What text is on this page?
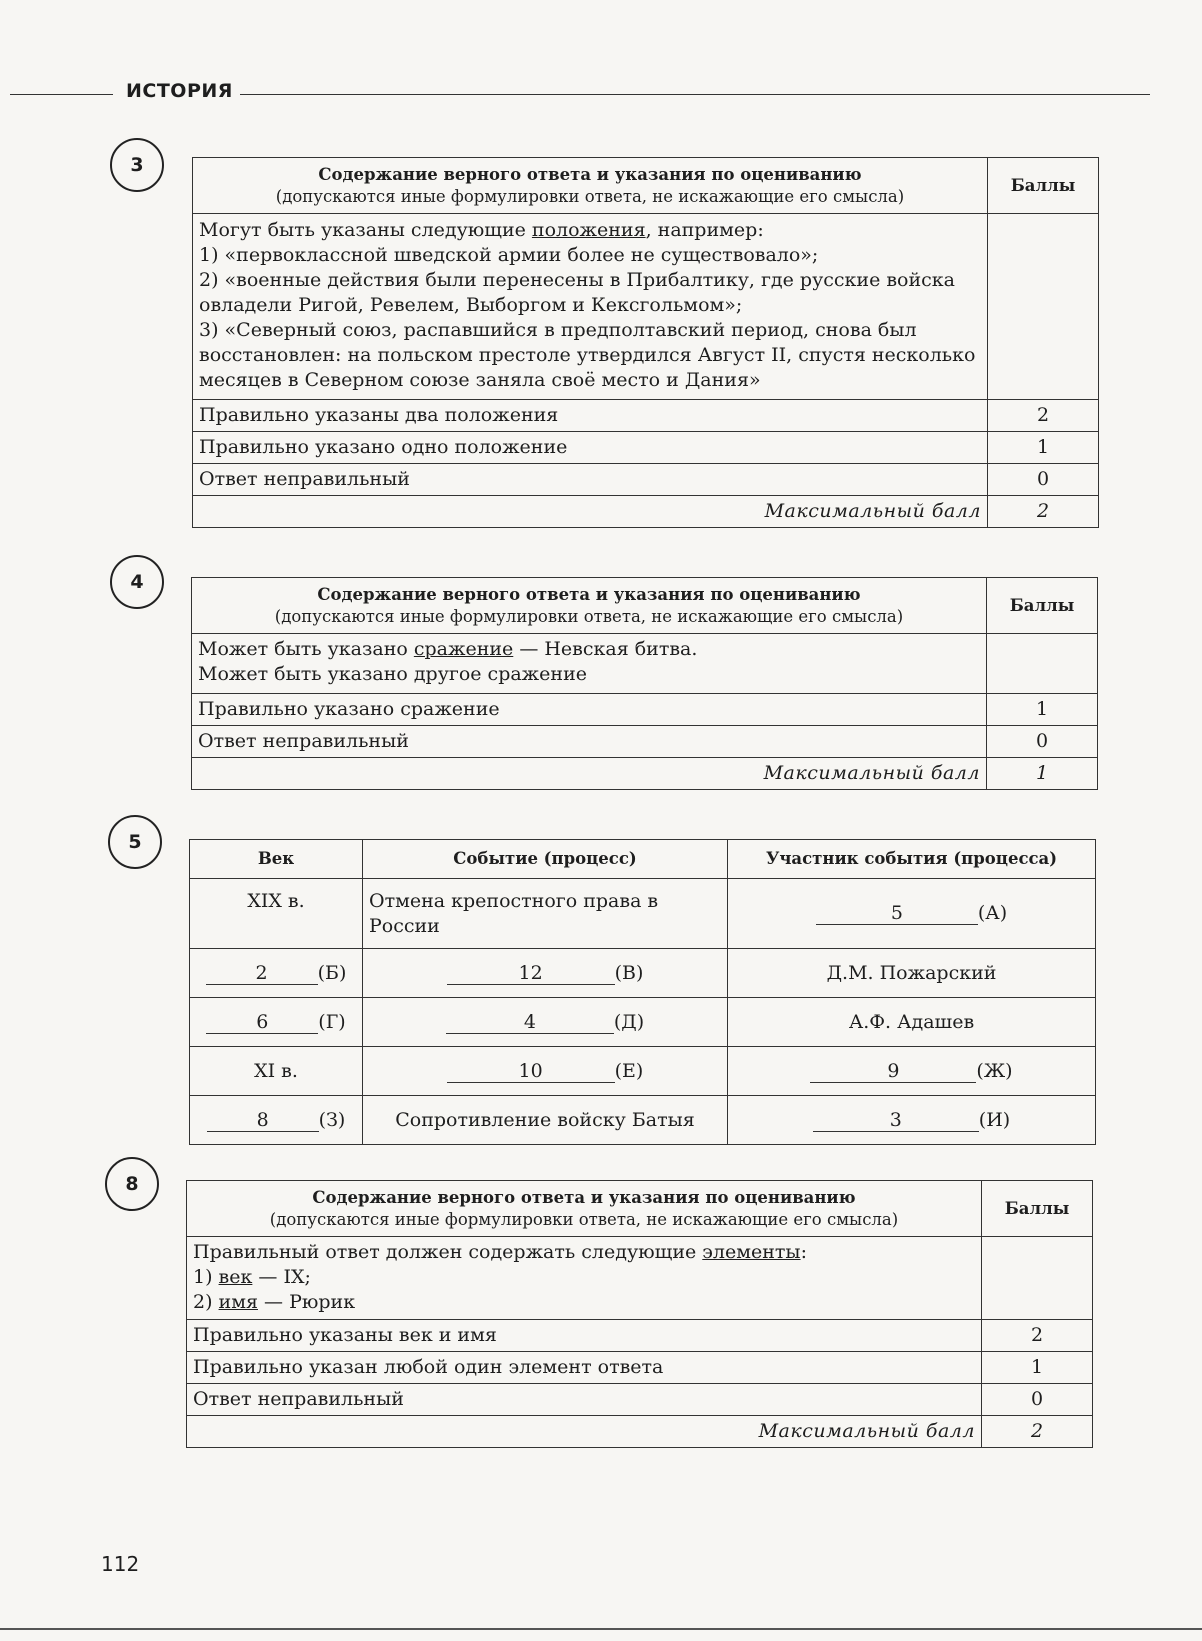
ИСТОРИЯ
3	Содержание верного ответа и указания по оцениванию
(допускаются иные формулировки ответа, не искажающие его смысла)	Баллы

Могут быть указаны следующие положения, например:
1) «первоклассной шведской армии более не существовало»;
2) «военные действия были перенесены в Прибалтику, где русские войска овладели Ригой, Ревелем, Выборгом и Кексгольмом»;
3) «Северный союз, распавшийся в предполтавский период, снова был восстановлен: на польском престоле утвердился Август II, спустя несколько месяцев в Северном союзе заняла своё место и Дания»	

Правильно указаны два положения	2
Правильно указано одно положение	1
Ответ неправильный	0
Максимальный балл	2
4
Содержание верного ответа и указания по оцениванию
(допускаются иные формулировки ответа, не искажающие его смысла)	Баллы

Может быть указано сражение — Невская битва.
Может быть указано другое сражение	

Правильно указано сражение	1
Ответ неправильный	0
Максимальный балл	1
5
Век	Событие (процесс)	Участник события (процесса)
XIX в.	Отмена крепостного права в России	5 (А)
2 (Б)	12 (В)	Д.М. Пожарский
6 (Г)	4 (Д)	А.Ф. Адашев
XI в.	10 (Е)	9 (Ж)
8 (З)	Сопротивление войску Батыя	3 (И)
8
Содержание верного ответа и указания по оцениванию
(допускаются иные формулировки ответа, не искажающие его смысла)	Баллы

Правильный ответ должен содержать следующие элементы:
1) век — IX;
2) имя — Рюрик	

Правильно указаны век и имя	2
Правильно указан любой один элемент ответа	1
Ответ неправильный	0
Максимальный балл	2
112
